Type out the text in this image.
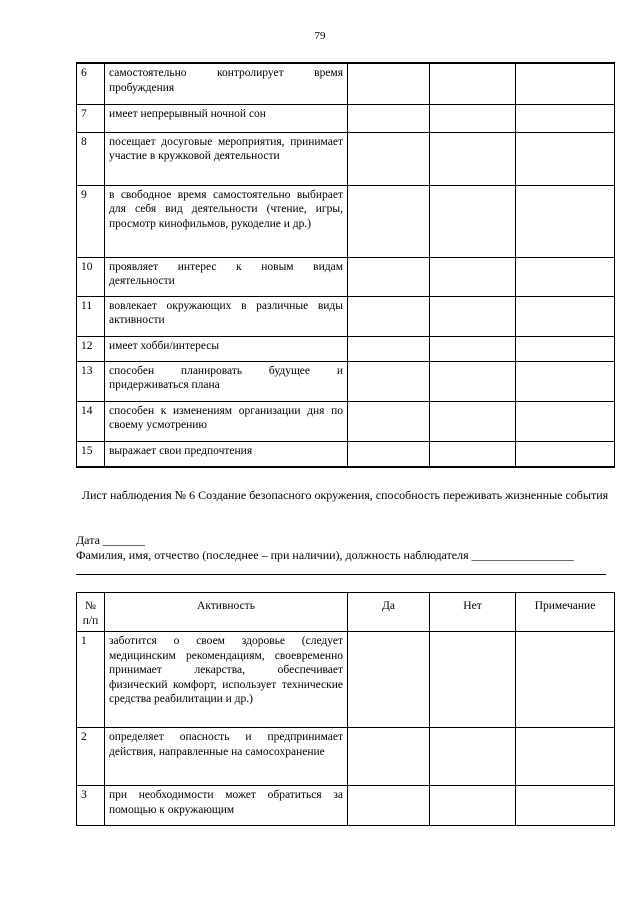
79
6	самостоятельно контролирует время пробуждения			
7	имеет непрерывный ночной сон			
8	посещает досуговые мероприятия, принимает участие в кружковой деятельности			
9	в свободное время самостоятельно выбирает для себя вид деятельности (чтение, игры, просмотр кинофильмов, рукоделие и др.)			
10	проявляет интерес к новым видам деятельности			
11	вовлекает окружающих в различные виды активности			
12	имеет хобби/интересы			
13	способен планировать будущее и придерживаться плана			
14	способен к изменениям организации дня по своему усмотрению			
15	выражает свои предпочтения			
Лист наблюдения № 6 Создание безопасного окружения, способность переживать жизненные события
Дата _______
Фамилия, имя, отчество (последнее – при наличии), должность наблюдателя _________________
№ п/п	Активность	Да	Нет	Примечание
1	заботится о своем здоровье (следует медицинским рекомендациям, своевременно принимает лекарства, обеспечивает физический комфорт, использует технические средства реабилитации и др.)			
2	определяет опасность и предпринимает действия, направленные на самосохранение			
3	при необходимости может обратиться за помощью к окружающим			
